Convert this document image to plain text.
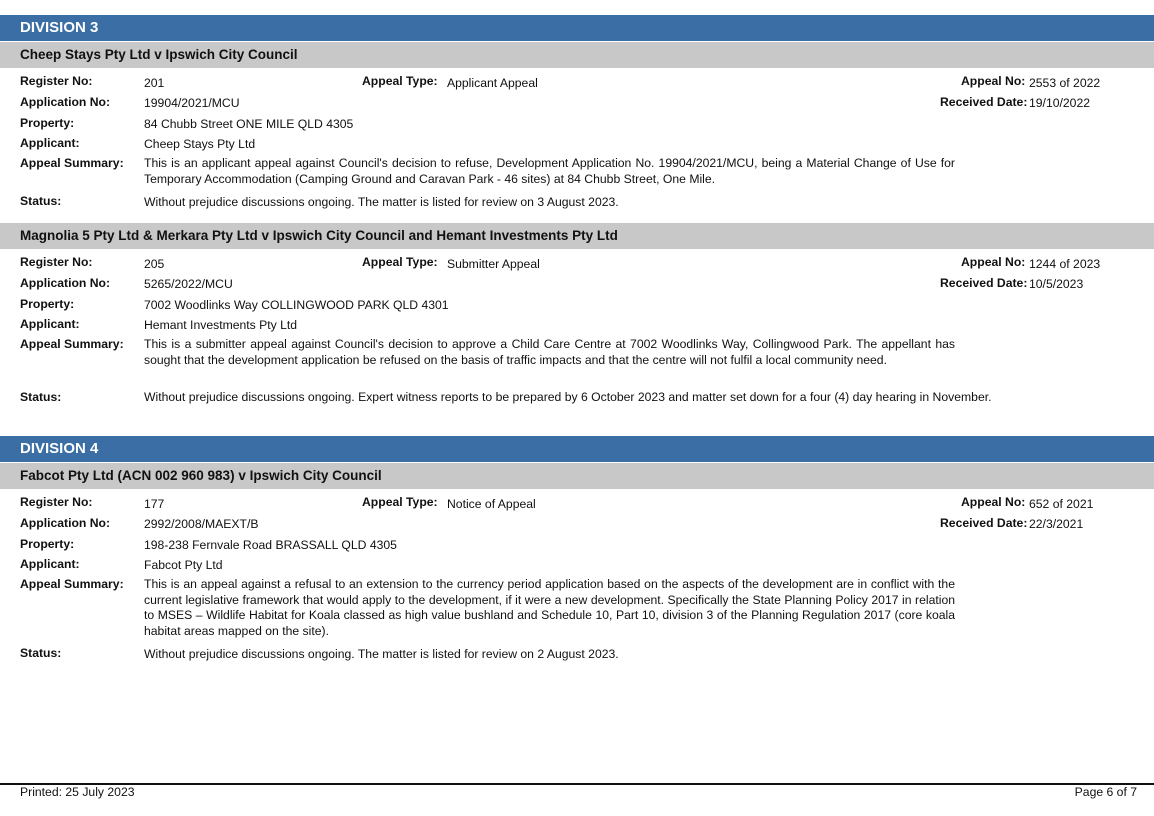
DIVISION 3
Cheep Stays Pty Ltd v Ipswich City Council
Register No:	201	Appeal Type: Applicant Appeal	Appeal No: 2553 of 2022
Application No:	19904/2021/MCU	Received Date: 19/10/2022
Property:	84 Chubb Street ONE MILE QLD 4305
Applicant:	Cheep Stays Pty Ltd
Appeal Summary: This is an applicant appeal against Council's decision to refuse, Development Application No. 19904/2021/MCU, being a Material Change of Use for Temporary Accommodation (Camping Ground and Caravan Park - 46 sites) at 84 Chubb Street, One Mile.
Status:	Without prejudice discussions ongoing. The matter is listed for review on 3 August 2023.
Magnolia 5 Pty Ltd & Merkara Pty Ltd v Ipswich City Council and Hemant Investments Pty Ltd
Register No:	205	Appeal Type: Submitter Appeal	Appeal No: 1244 of 2023
Application No:	5265/2022/MCU	Received Date: 10/5/2023
Property:	7002 Woodlinks Way COLLINGWOOD PARK QLD 4301
Applicant:	Hemant Investments Pty Ltd
Appeal Summary: This is a submitter appeal against Council's decision to approve a Child Care Centre at 7002 Woodlinks Way, Collingwood Park. The appellant has sought that the development application be refused on the basis of traffic impacts and that the centre will not fulfil a local community need.
Status:	Without prejudice discussions ongoing. Expert witness reports to be prepared by 6 October 2023 and matter set down for a four (4) day hearing in November.
DIVISION 4
Fabcot Pty Ltd (ACN 002 960 983) v Ipswich City Council
Register No:	177	Appeal Type: Notice of Appeal	Appeal No: 652 of 2021
Application No:	2992/2008/MAEXT/B	Received Date: 22/3/2021
Property:	198-238 Fernvale Road BRASSALL QLD 4305
Applicant:	Fabcot Pty Ltd
Appeal Summary: This is an appeal against a refusal to an extension to the currency period application based on the aspects of the development are in conflict with the current legislative framework that would apply to the development, if it were a new development. Specifically the State Planning Policy 2017 in relation to MSES – Wildlife Habitat for Koala classed as high value bushland and Schedule 10, Part 10, division 3 of the Planning Regulation 2017 (core koala habitat areas mapped on the site).
Status:	Without prejudice discussions ongoing. The matter is listed for review on 2 August 2023.
Printed: 25 July 2023	Page 6 of 7
